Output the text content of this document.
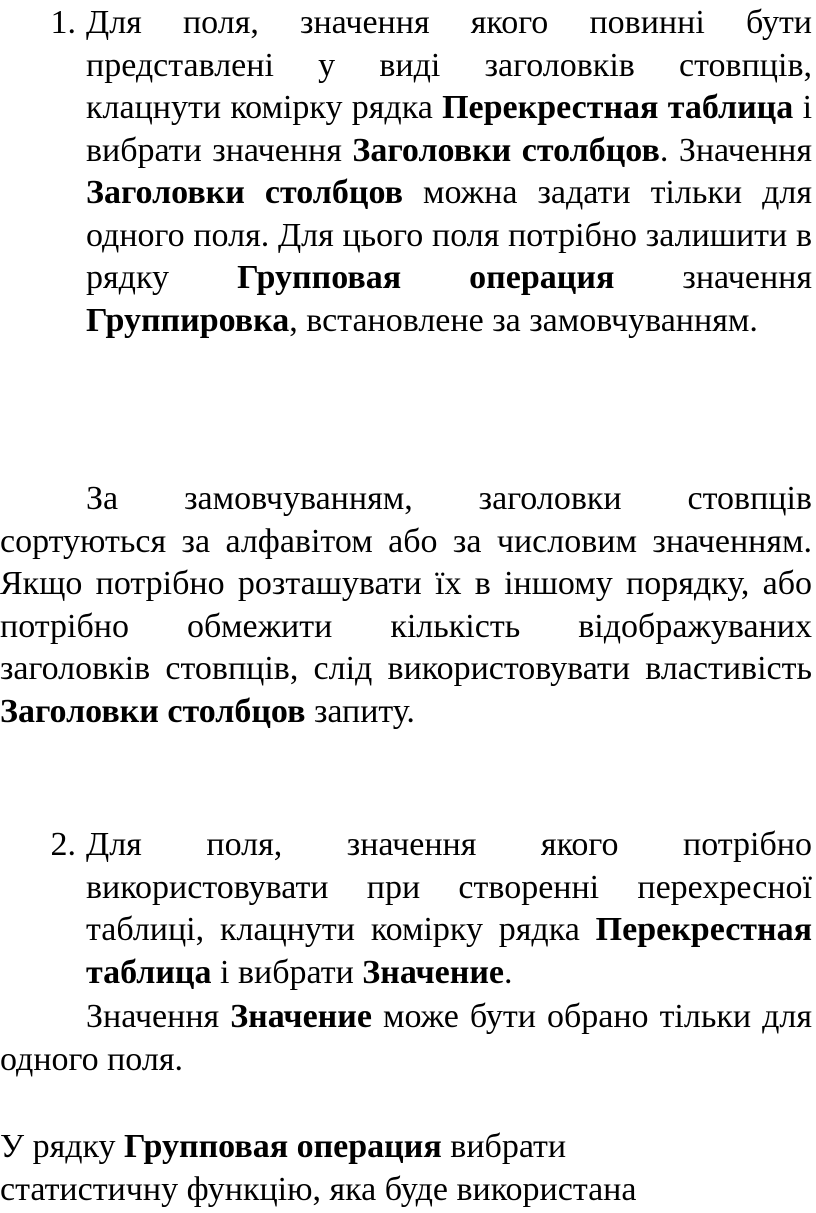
1. Для поля, значення якого повинні бути представлені у виді заголовків стовпців, клацнути комірку рядка Перекрестная таблица і вибрати значення Заголовки столбцов. Значення Заголовки столбцов можна задати тільки для одного поля. Для цього поля потрібно залишити в рядку Групповая операция значення Группировка, встановлене за замовчуванням.

За замовчуванням, заголовки стовпців сортуються за алфавітом або за числовим значенням. Якщо потрібно розташувати їх в іншому порядку, або потрібно обмежити кількість відображуваних заголовків стовпців, слід використовувати властивість Заголовки столбцов запиту.

2. Для поля, значення якого потрібно використовувати при створенні перехресної таблиці, клацнути комірку рядка Перекрестная таблица і вибрати Значение.

Значення Значение може бути обрано тільки для одного поля.

У рядку Групповая операция вибрати статистичну функцію, яка буде використана
